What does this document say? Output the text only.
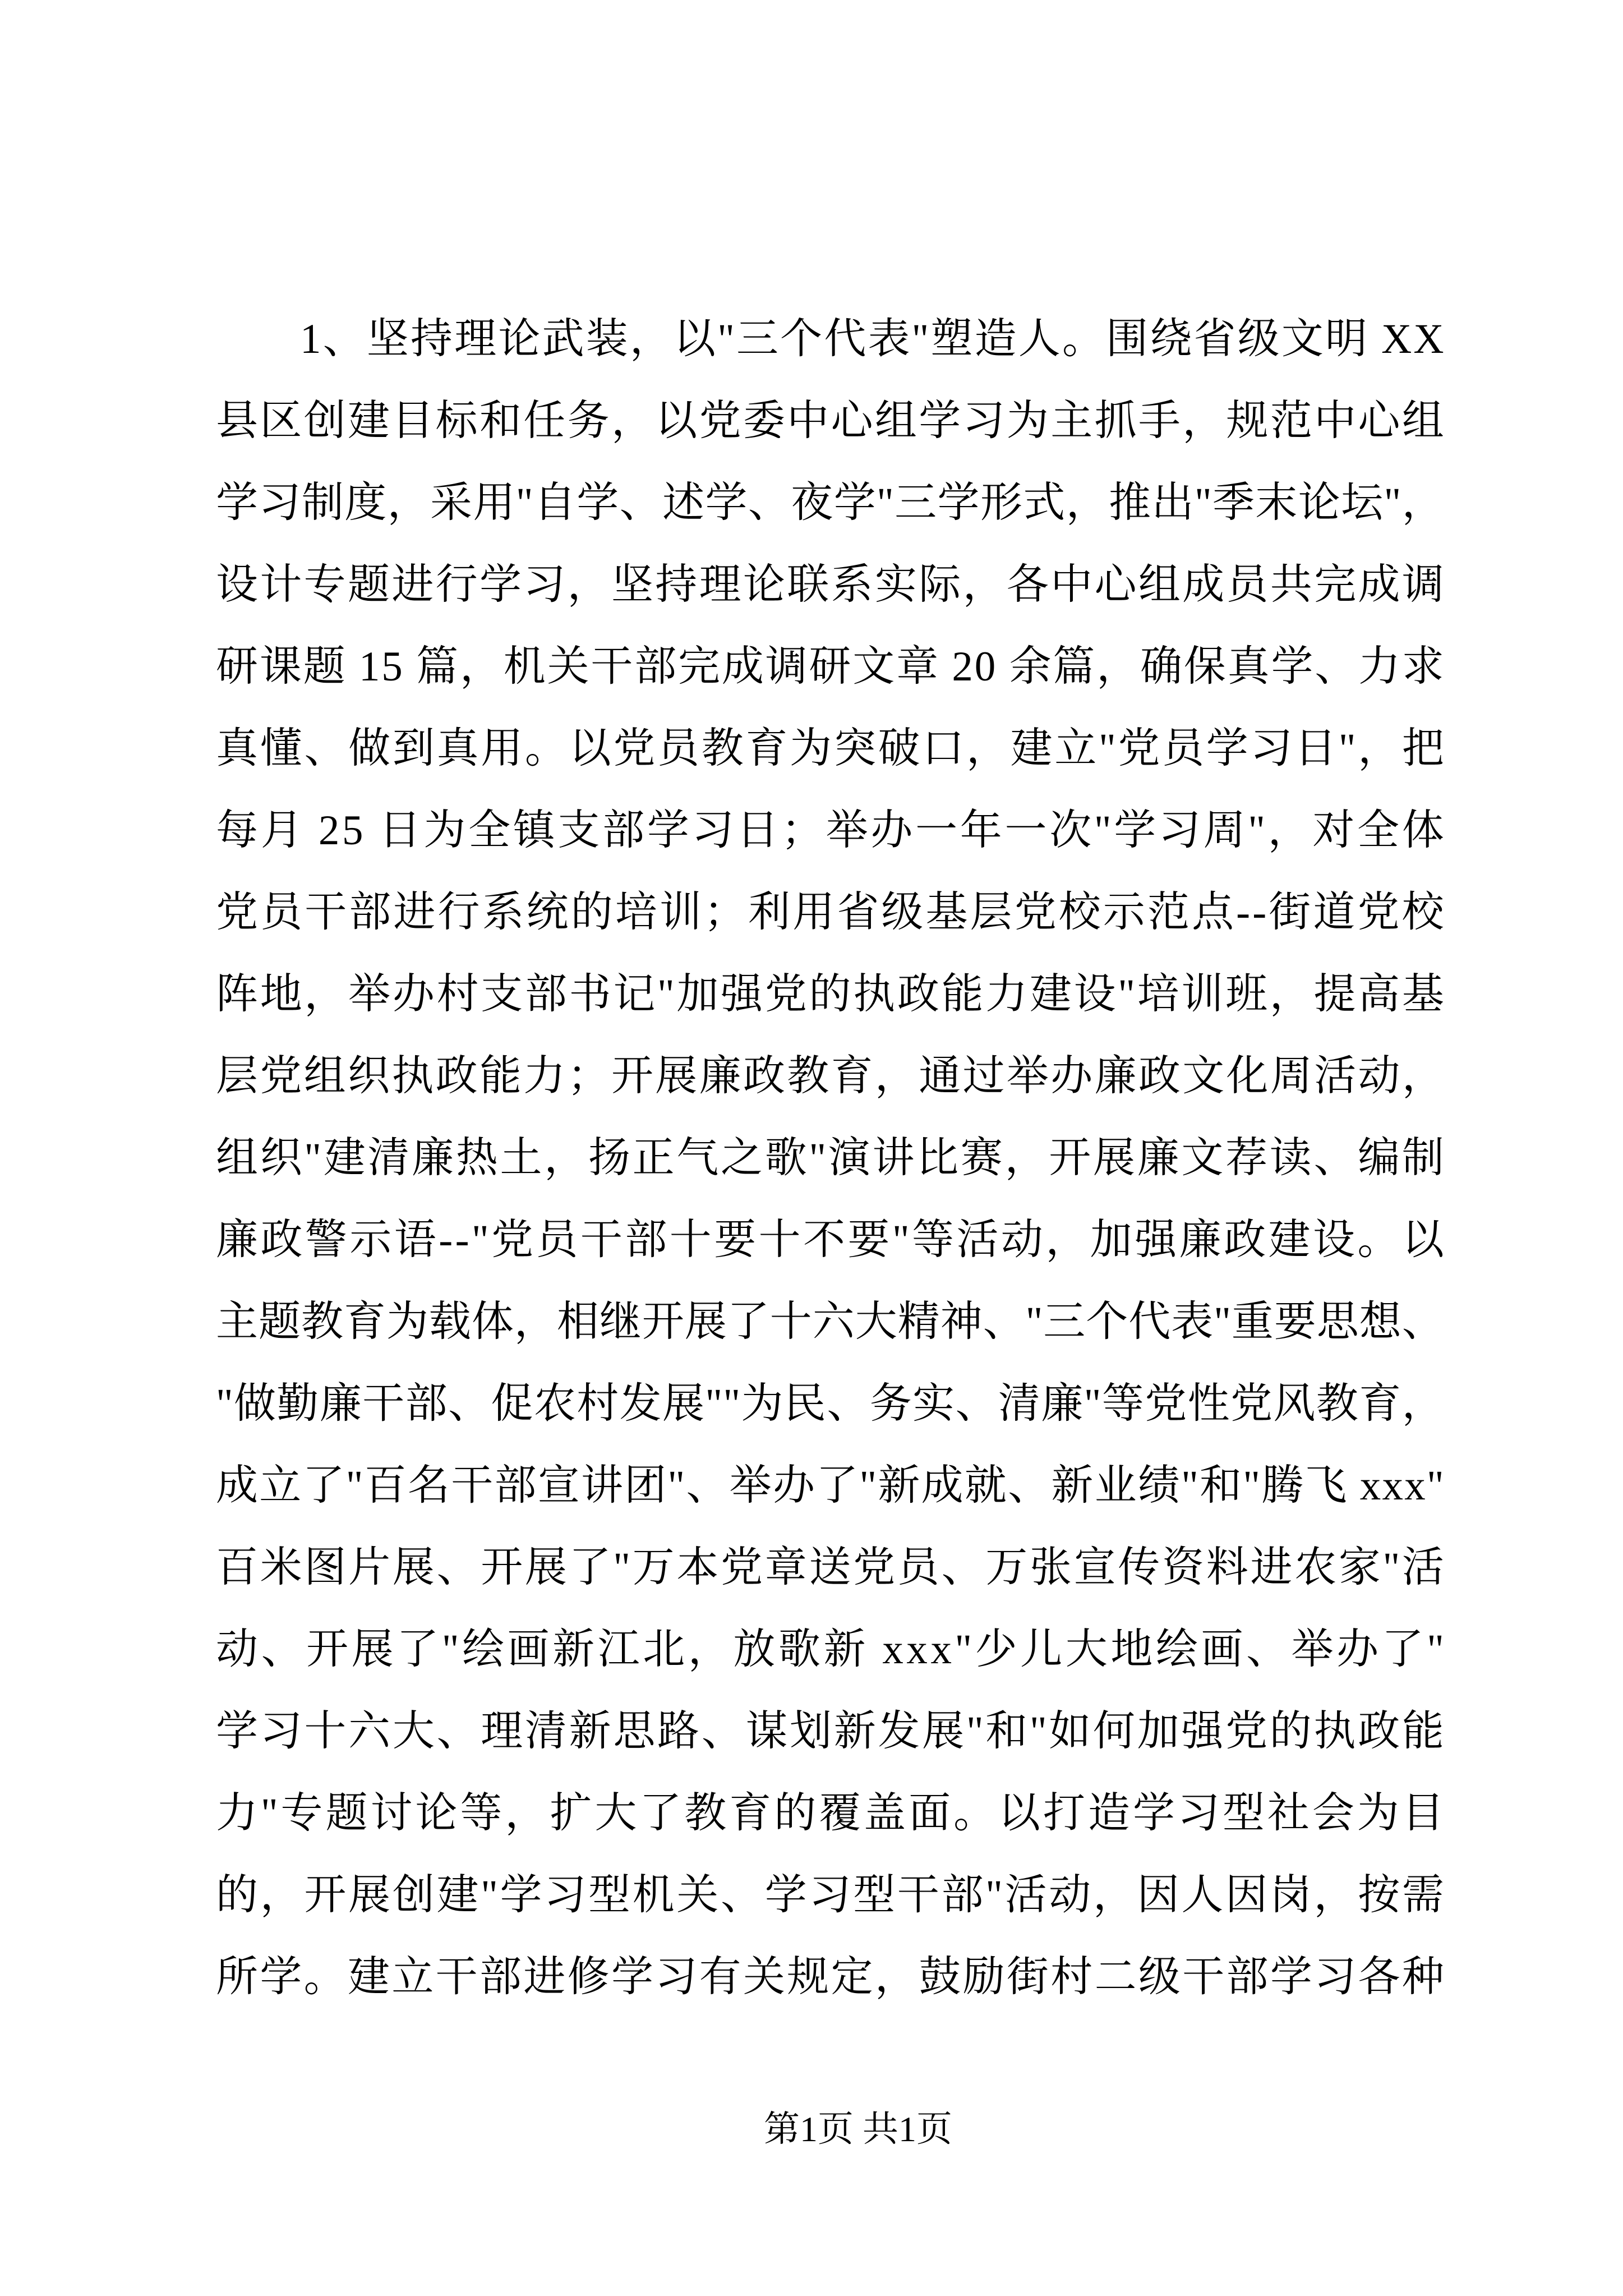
1 、 坚 持 理 论 武 装 ， 以 " 三 个 代 表 " 塑 造 人 。 围 绕 省 级 文 明
X X
县 区 创 建 目 标 和 任 务 ， 以 党 委 中 心 组 学 习 为 主 抓 手 ， 规 范 中 心 组
学 习 制 度 ， 采 用 " 自 学 、 述 学 、 夜 学 " 三 学 形 式 ， 推 出 " 季 末 论 坛 " ，
设 计 专 题 进 行 学 习 ， 坚 持 理 论 联 系 实 际 ， 各 中 心 组 成 员 共 完 成 调
研 课 题
1 5
篇 ， 机 关 干 部 完 成 调 研 文 章
2 0
余 篇 ， 确 保 真 学 、 力 求
真 懂 、 做 到 真 用 。 以 党 员 教 育 为 突 破 口 ， 建 立 " 党 员 学 习 日 " ， 把
每 月
2 5
日 为 全 镇 支 部 学 习 日 ； 举 办 一 年 一 次 " 学 习 周 " ， 对 全 体
党 员 干 部 进 行 系 统 的 培 训 ； 利 用 省 级 基 层 党 校 示 范 点 - - 街 道 党 校
阵 地 ， 举 办 村 支 部 书 记 " 加 强 党 的 执 政 能 力 建 设 " 培 训 班 ， 提 高 基
层 党 组 织 执 政 能 力 ； 开 展 廉 政 教 育 ， 通 过 举 办 廉 政 文 化 周 活 动 ，
组 织 " 建 清 廉 热 土 ， 扬 正 气 之 歌 " 演 讲 比 赛 ， 开 展 廉 文 荐 读 、 编 制
廉 政 警 示 语 - - " 党 员 干 部 十 要 十 不 要 " 等 活 动 ， 加 强 廉 政 建 设 。 以
主 题 教 育 为 载 体 ， 相 继 开 展 了 十 六 大 精 神 、 " 三 个 代 表 " 重 要 思 想 、
" 做 勤 廉 干 部 、 促 农 村 发 展 " " 为 民 、 务 实 、 清 廉 " 等 党 性 党 风 教 育 ，
成 立 了 " 百 名 干 部 宣 讲 团 " 、 举 办 了 " 新 成 就 、 新 业 绩 " 和 " 腾 飞
x x x "
百 米 图 片 展 、 开 展 了 " 万 本 党 章 送 党 员 、 万 张 宣 传 资 料 进 农 家 " 活
动 、 开 展 了 " 绘 画 新 江 北 ， 放 歌 新
x x x " 少 儿 大 地 绘 画 、 举 办 了 "
学 习 十 六 大 、 理 清 新 思 路 、 谋 划 新 发 展 " 和 " 如 何 加 强 党 的 执 政 能
力 " 专 题 讨 论 等 ， 扩 大 了 教 育 的 覆 盖 面 。 以 打 造 学 习 型 社 会 为 目
的 ， 开 展 创 建 " 学 习 型 机 关 、 学 习 型 干 部 " 活 动 ， 因 人 因 岗 ， 按 需
所 学 。 建 立 干 部 进 修 学 习 有 关 规 定 ， 鼓 励 街 村 二 级 干 部 学 习 各 种
第1页 共1页
